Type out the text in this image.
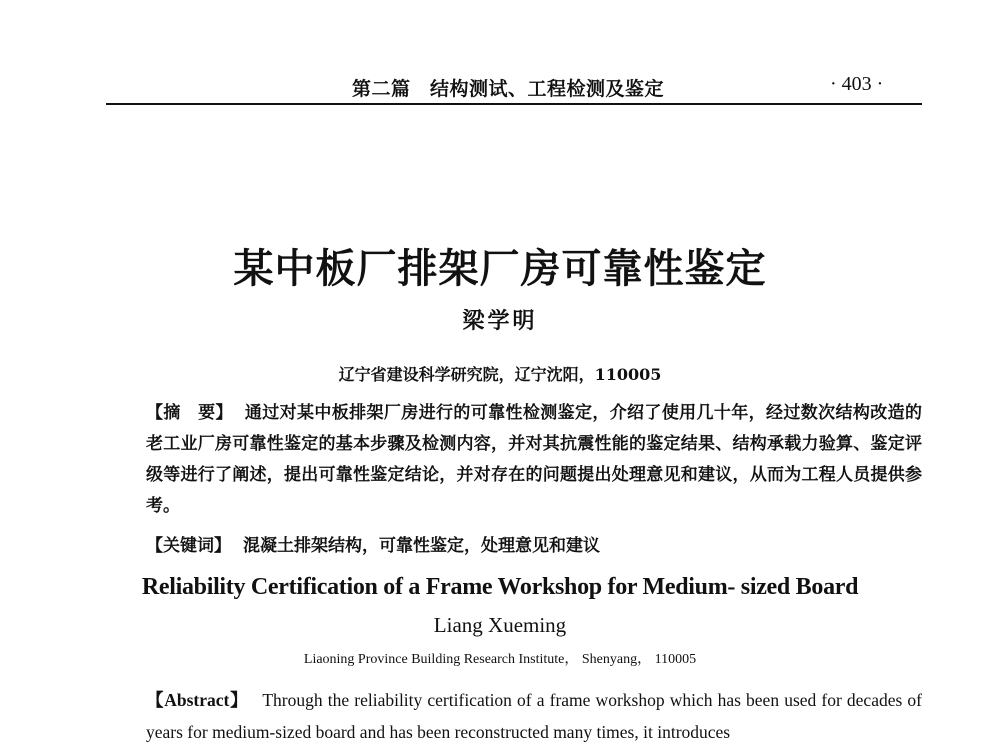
第二篇　结构测试、工程检测及鉴定	· 403 ·
某中板厂排架厂房可靠性鉴定
梁学明
辽宁省建设科学研究院，辽宁沈阳，110005
【摘　要】 通过对某中板排架厂房进行的可靠性检测鉴定，介绍了使用几十年，经过数次结构改造的老工业厂房可靠性鉴定的基本步骤及检测内容，并对其抗震性能的鉴定结果、结构承载力验算、鉴定评级等进行了阐述，提出可靠性鉴定结论，并对存在的问题提出处理意见和建议，从而为工程人员提供参考。
【关键词】 混凝土排架结构，可靠性鉴定，处理意见和建议
Reliability Certification of a Frame Workshop for Medium- sized Board
Liang Xueming
Liaoning Province Building Research Institute， Shenyang， 110005
【Abstract】 Through the reliability certification of a frame workshop which has been used for decades of years for medium-sized board and has been reconstructed many times, it introduces
